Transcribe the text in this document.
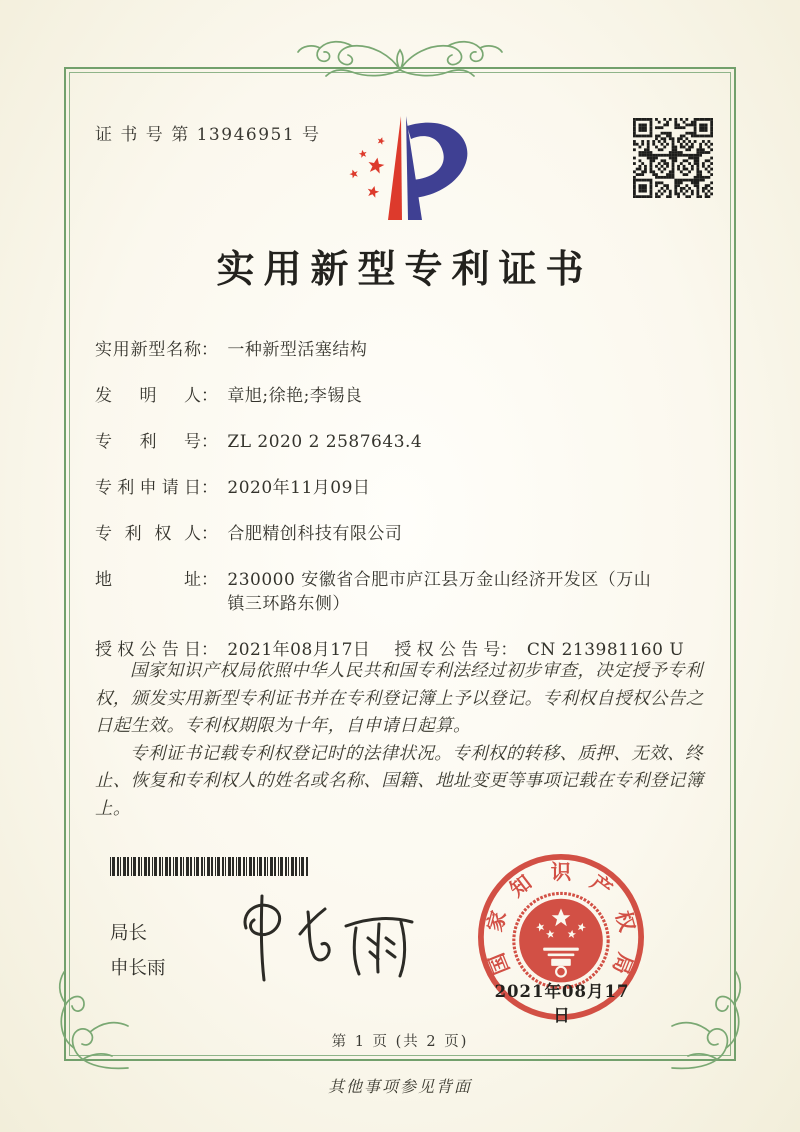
证 书 号 第 13946951 号
实用新型专利证书
实用新型名称： 一种新型活塞结构
发明人： 章旭;徐艳;李锡良
专利号： ZL 2020 2 2587643.4
专利申请日： 2020年11月09日
专利权人： 合肥精创科技有限公司
地址： 230000 安徽省合肥市庐江县万金山经济开发区（万山镇三环路东侧）
授权公告日： 2021年08月17日 授权公告号： CN 213981160 U

国家知识产权局依照中华人民共和国专利法经过初步审查，决定授予专利权，颁发实用新型专利证书并在专利登记簿上予以登记。专利权自授权公告之日起生效。专利权期限为十年，自申请日起算。

专利证书记载专利权登记时的法律状况。专利权的转移、质押、无效、终止、恢复和专利权人的姓名或名称、国籍、地址变更等事项记载在专利登记簿上。

局长
申长雨	国
家
知 识 产
权
局
2021年08月17日
第 1 页 (共 2 页)
其他事项参见背面
